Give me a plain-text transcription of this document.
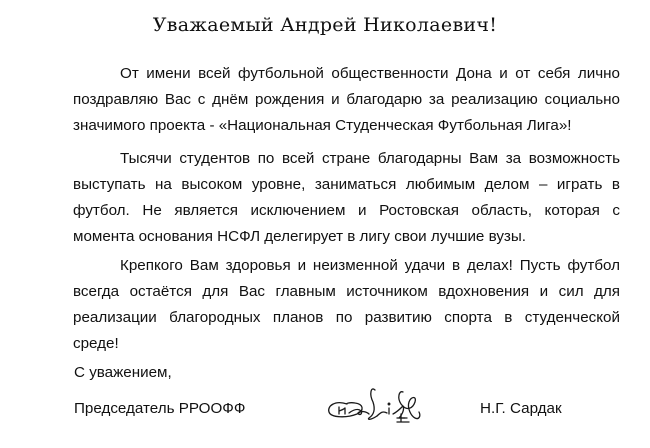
Уважаемый Андрей Николаевич!
От имени всей футбольной общественности Дона и от себя лично
поздравляю Вас с днём рождения и благодарю за реализацию социально
значимого проекта - «Национальная Студенческая Футбольная Лига»!
Тысячи студентов по всей стране благодарны Вам за возможность
выступать на высоком уровне, заниматься любимым делом – играть в
футбол. Не является исключением и Ростовская область, которая с
момента основания НСФЛ делегирует в лигу свои лучшие вузы.
Крепкого Вам здоровья и неизменной удачи в делах! Пусть футбол
всегда остаётся для Вас главным источником вдохновения и сил для
реализации благородных планов по развитию спорта в студенческой
среде!
С уважением,
Председатель РРООФФ	Н.Г. Сардак
